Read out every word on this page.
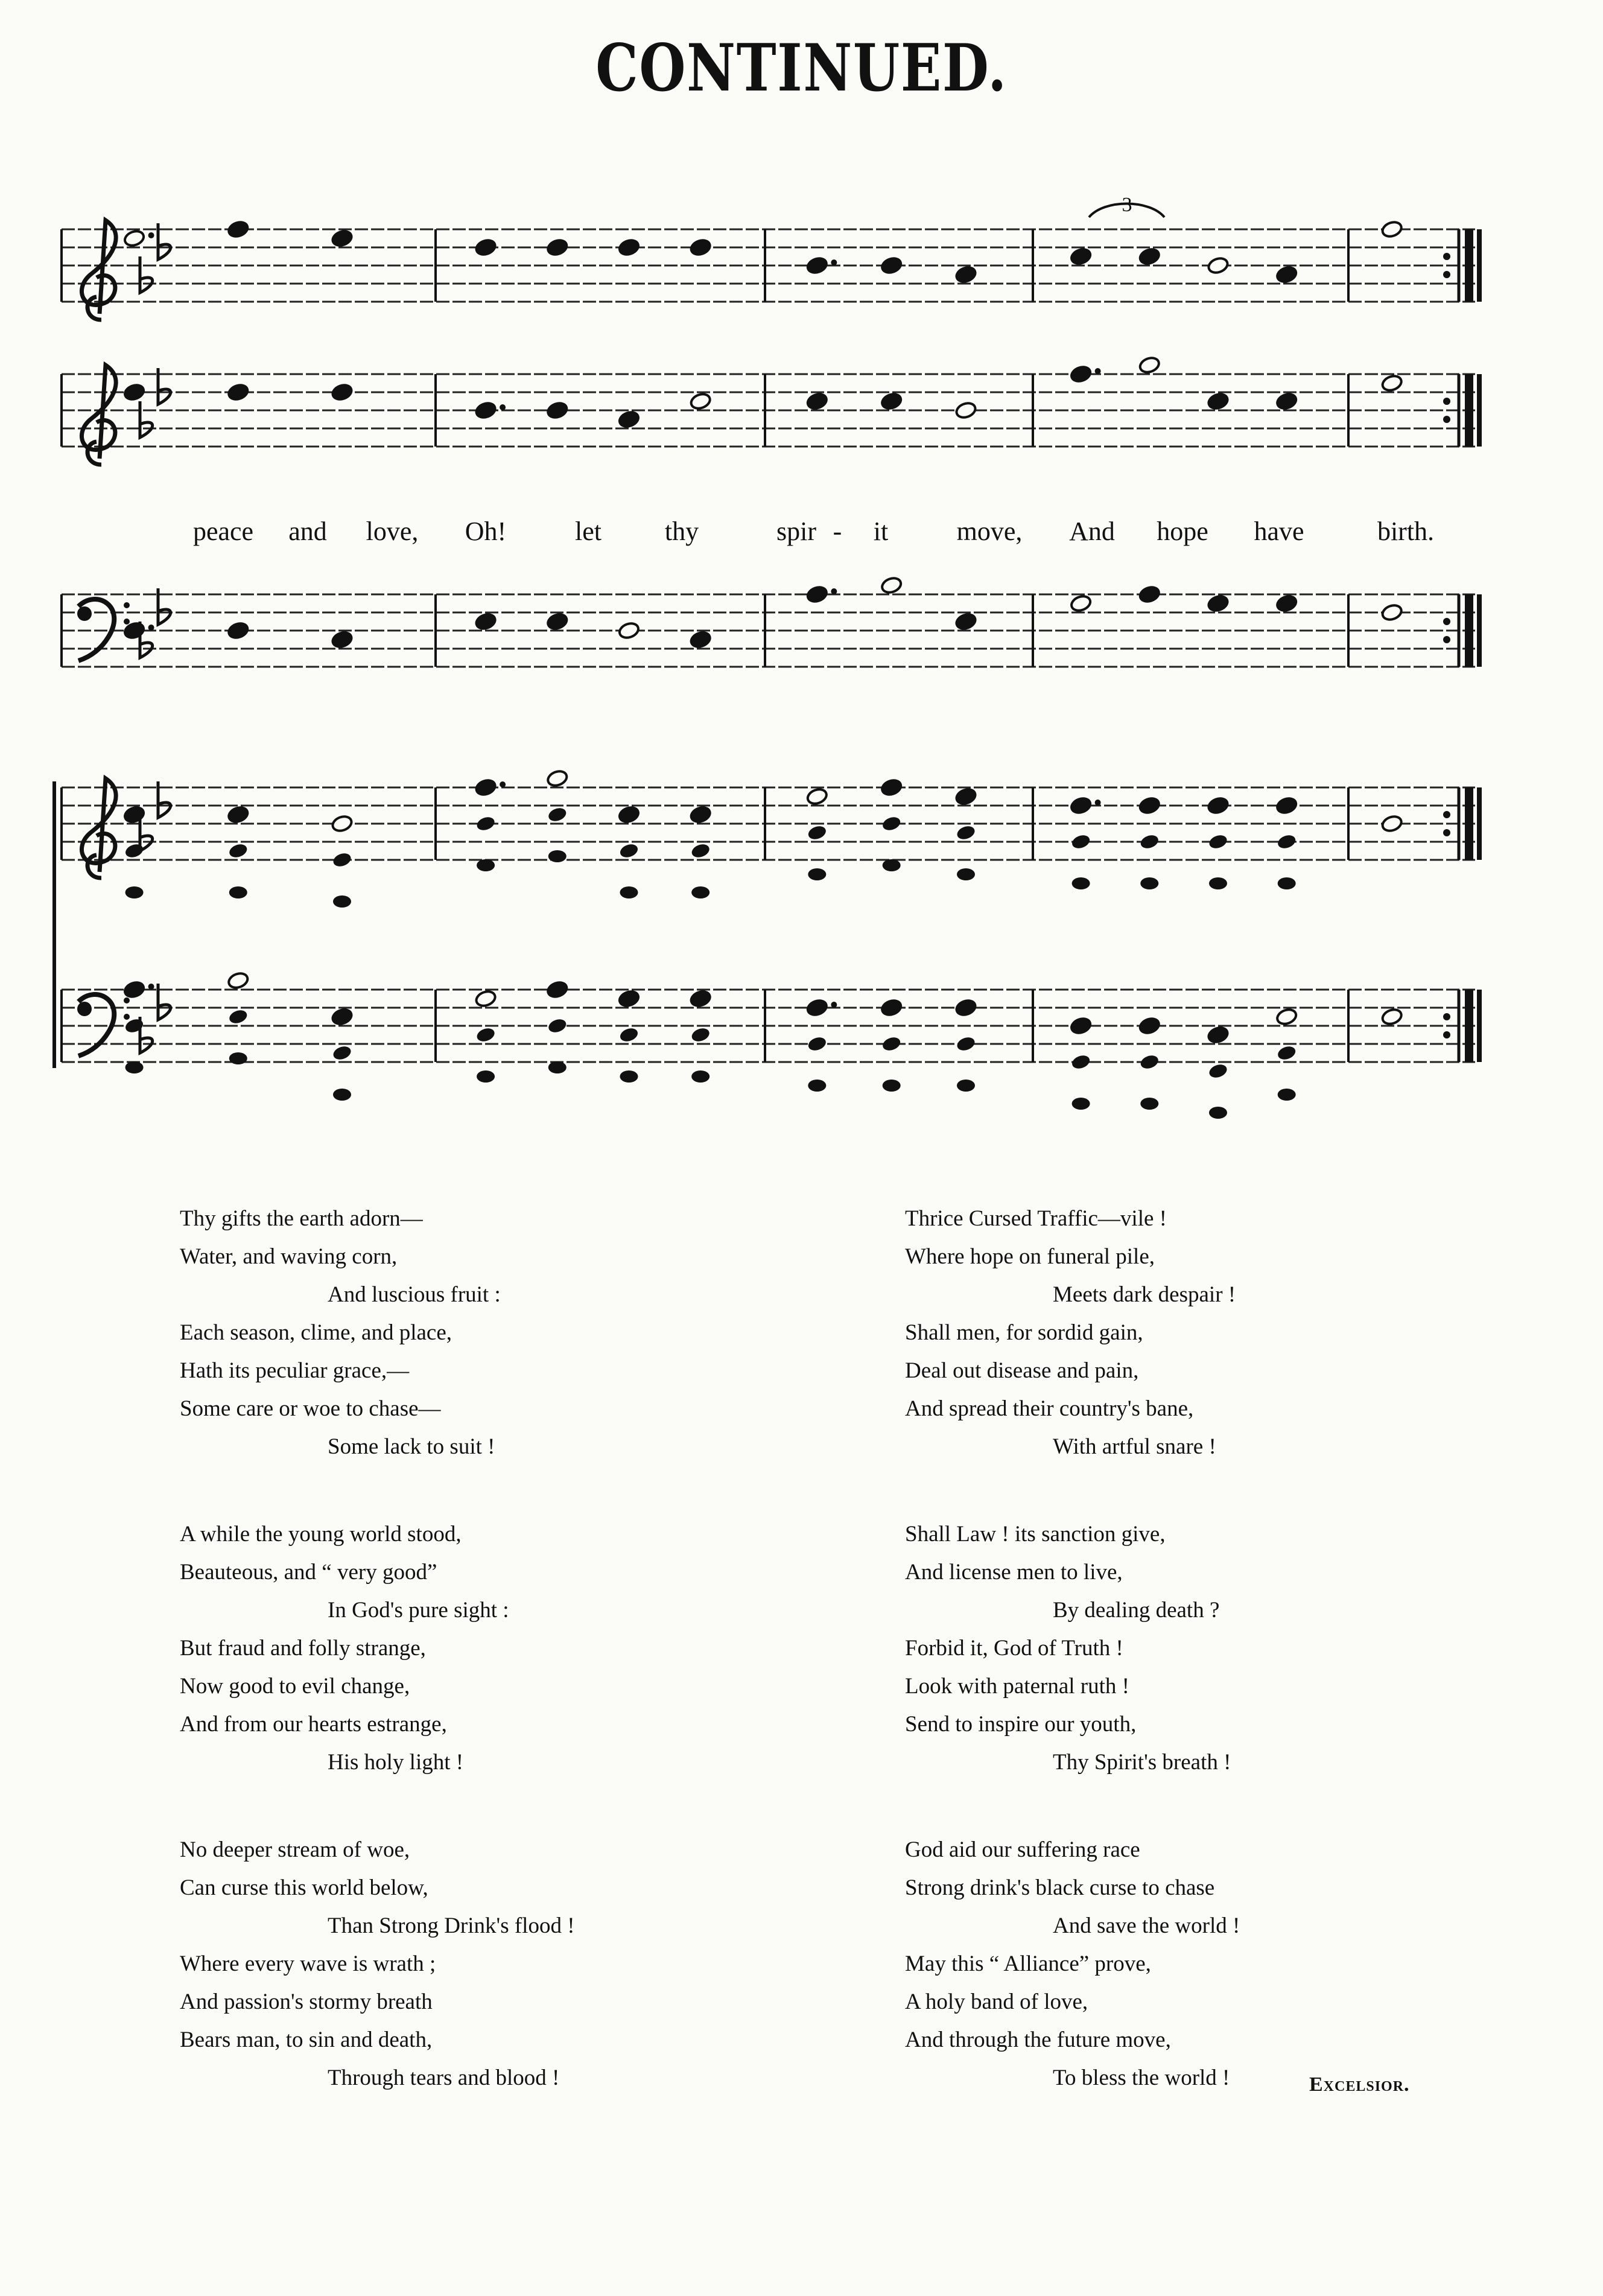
CONTINUED.
3
peace and love, Oh!	let thy	spir - it	move, And hope have	birth.
Thy gifts the earth adorn—
Water, and waving corn,
And luscious fruit :
Each season, clime, and place,
Hath its peculiar grace,—
Some care or woe to chase—
Some lack to suit !
A while the young world stood,
Beauteous, and “ very good”
In God's pure sight :
But fraud and folly strange,
Now good to evil change,
And from our hearts estrange,
His holy light !
No deeper stream of woe,
Can curse this world below,
Than Strong Drink's flood !
Where every wave is wrath ;
And passion's stormy breath
Bears man, to sin and death,
Through tears and blood !
Thrice Cursed Traffic—vile !
Where hope on funeral pile,
Meets dark despair !
Shall men, for sordid gain,
Deal out disease and pain,
And spread their country's bane,
With artful snare !
Shall Law ! its sanction give,
And license men to live,
By dealing death ?
Forbid it, God of Truth !
Look with paternal ruth !
Send to inspire our youth,
Thy Spirit's breath !
God aid our suffering race
Strong drink's black curse to chase
And save the world !
May this “ Alliance” prove,
A holy band of love,
And through the future move,
To bless the world !	Excelsior.
